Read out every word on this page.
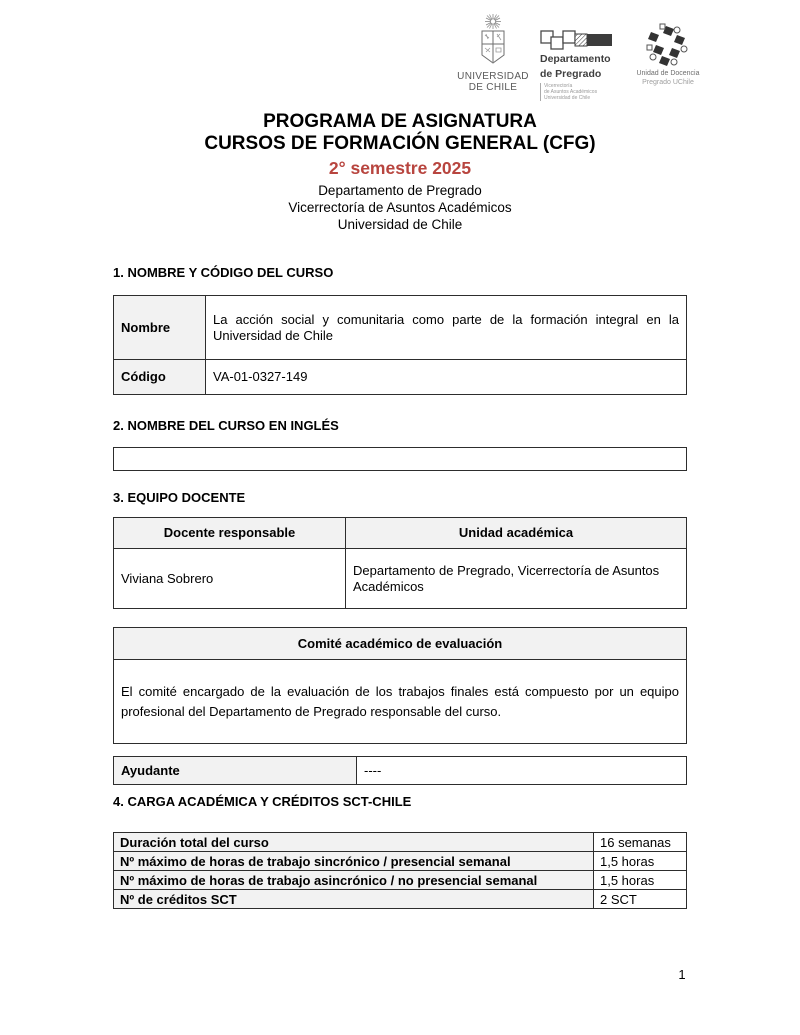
UNIVERSIDAD
DE CHILE
Departamento
de Pregrado
Vicerrectoría
de Asuntos Académicos
Universidad de Chile
Unidad de Docencia
Pregrado UChile
PROGRAMA DE ASIGNATURA
CURSOS DE FORMACIÓN GENERAL (CFG)
2° semestre 2025
Departamento de Pregrado
Vicerrectoría de Asuntos Académicos
Universidad de Chile
1. NOMBRE Y CÓDIGO DEL CURSO
Nombre	La acción social y comunitaria como parte de la formación integral en la Universidad de Chile
Código	VA-01-0327-149
2. NOMBRE DEL CURSO EN INGLÉS
3. EQUIPO DOCENTE
Docente responsable	Unidad académica
Viviana Sobrero	Departamento de Pregrado, Vicerrectoría de Asuntos Académicos
Comité académico de evaluación
El comité encargado de la evaluación de los trabajos finales está compuesto por un equipo profesional del Departamento de Pregrado responsable del curso.
Ayudante	----
4. CARGA ACADÉMICA Y CRÉDITOS SCT-CHILE
Duración total del curso	16 semanas
Nº máximo de horas de trabajo sincrónico / presencial semanal	1,5 horas
Nº máximo de horas de trabajo asincrónico / no presencial semanal	1,5 horas
Nº de créditos SCT	2 SCT
1
